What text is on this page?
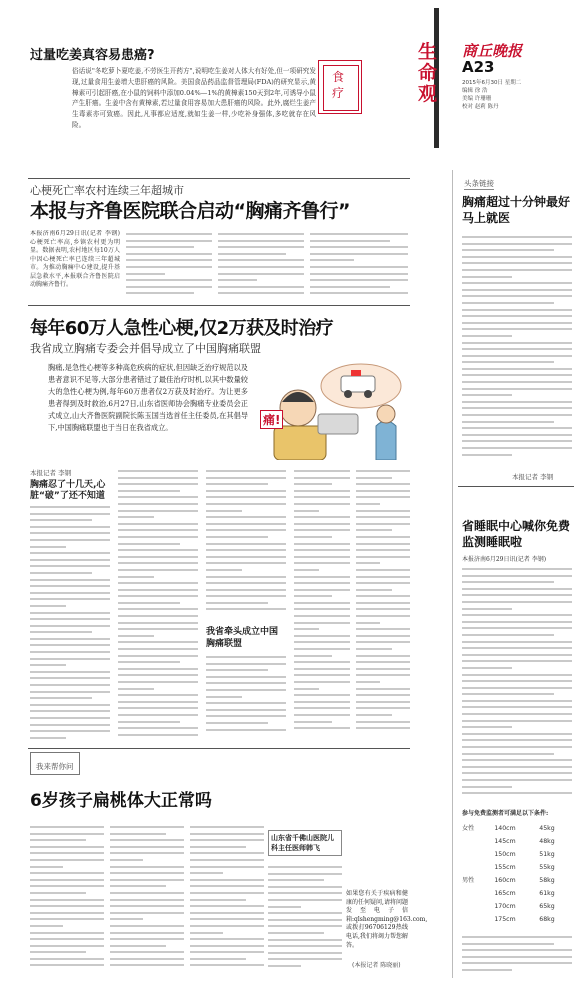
生命观
商丘晚报
A23
2015年6月30日 星期二
编辑 徐 浩
美编 许珊珊
校对 赵莉 陈丹
过量吃姜真容易患癌?
食疗
俗话说"冬吃萝卜夏吃姜,不劳医生开药方",说明吃生姜对人体大有好处,但一项研究发现,过量食用生姜增大患肝癌的风险。美国食品药品监督管理局(FDA)的研究显示,黄樟素可引起肝癌,在小鼠的饲料中添加0.04%—1%的黄樟素150天到2年,可诱导小鼠产生肝癌。生姜中含有黄樟素,若过量食用容易加大患肝癌的风险。此外,腐烂生姜产生毒素亦可致癌。因此,凡事都应适度,就如生姜一样,少吃补身强体,多吃就存在风险。
心梗死亡率农村连续三年超城市
本报与齐鲁医院联合启动“胸痛齐鲁行”
本报济南6月29日讯(记者 李钢) 心梗死亡率高,乡镇农村更为明显。数据表明,农村地区每10万人中因心梗死亡率已连续三年超城市。为推动胸痛中心建设,提升基层急救水平,本报联合齐鲁医院启动胸痛齐鲁行。
每年60万人急性心梗,仅2万获及时治疗
我省成立胸痛专委会并倡导成立了中国胸痛联盟
胸痛,是急性心梗等多种高危疾病的症状,但因缺乏治疗规范以及患者意识不足等,大部分患者错过了最佳治疗时机,以其中数量较大的急性心梗为例,每年60万患者仅2万获及时治疗。为让更多患者得到及时救治,6月27日,山东省医师协会胸痛专业委员会正式成立,山大齐鲁医院副院长陈玉国当选首任主任委员,在其倡导下,中国胸痛联盟也于当日在我省成立。
痛!
本报记者 李钢
胸痛忍了十几天,心脏“破”了还不知道
我省牵头成立中国胸痛联盟
我来帮你问
6岁孩子扁桃体大正常吗
山东省千佛山医院儿科主任医师韩飞
如果您有关于疾病和健康的任何疑问,请将问题发至电子信箱:qlshengming@163.com,或拨打96706129热线电话,我们将竭力帮您解答。
(本报记者 陈晓丽)
头条链接
胸痛超过十分钟最好马上就医
本报记者 李钢
省睡眠中心喊你免费监测睡眠啦
本报济南6月29日讯(记者 李钢)
参与免费监测者可满足以下条件:
女性	140cm	45kg
145cm	48kg
150cm	51kg
155cm	55kg
男性	160cm	58kg
165cm	61kg
170cm	65kg
175cm	68kg
